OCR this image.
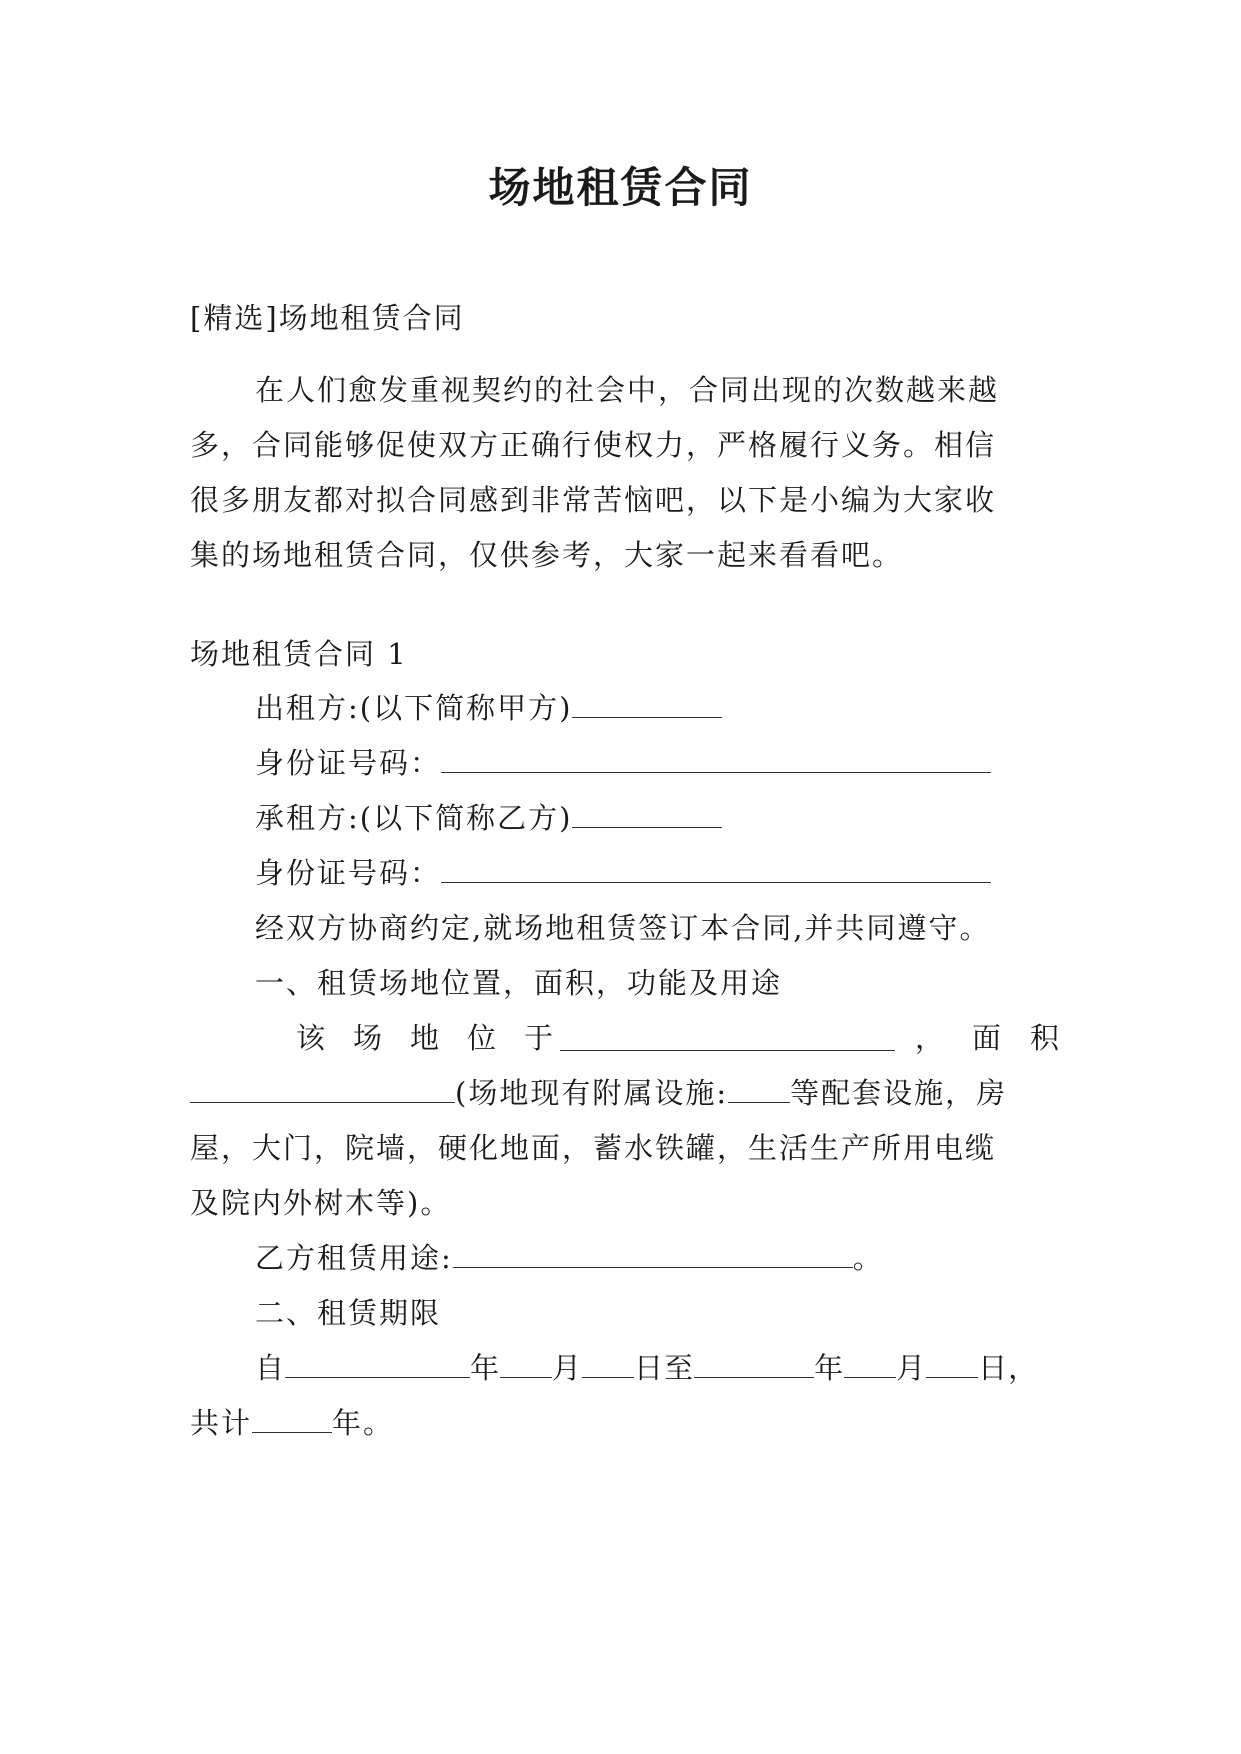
场地租赁合同
[精选]场地租赁合同
在人们愈发重视契约的社会中，合同出现的次数越来越
多，合同能够促使双方正确行使权力，严格履行义务。相信
很多朋友都对拟合同感到非常苦恼吧，以下是小编为大家收
集的场地租赁合同，仅供参考，大家一起来看看吧。
场地租赁合同 1
出租方:(以下简称甲方)
身份证号码：
承租方:(以下简称乙方)
身份证号码：
经双方协商约定,就场地租赁签订本合同,并共同遵守。
一、租赁场地位置，面积，功能及用途
该 场 地 位 于	， 面 积
(场地现有附属设施: 等配套设施，房
屋，大门，院墙，硬化地面，蓄水铁罐，生活生产所用电缆
及院内外树木等)。
乙方租赁用途:	。
二、租赁期限
自	年 月 日至	年 月 日，
共计	年。
